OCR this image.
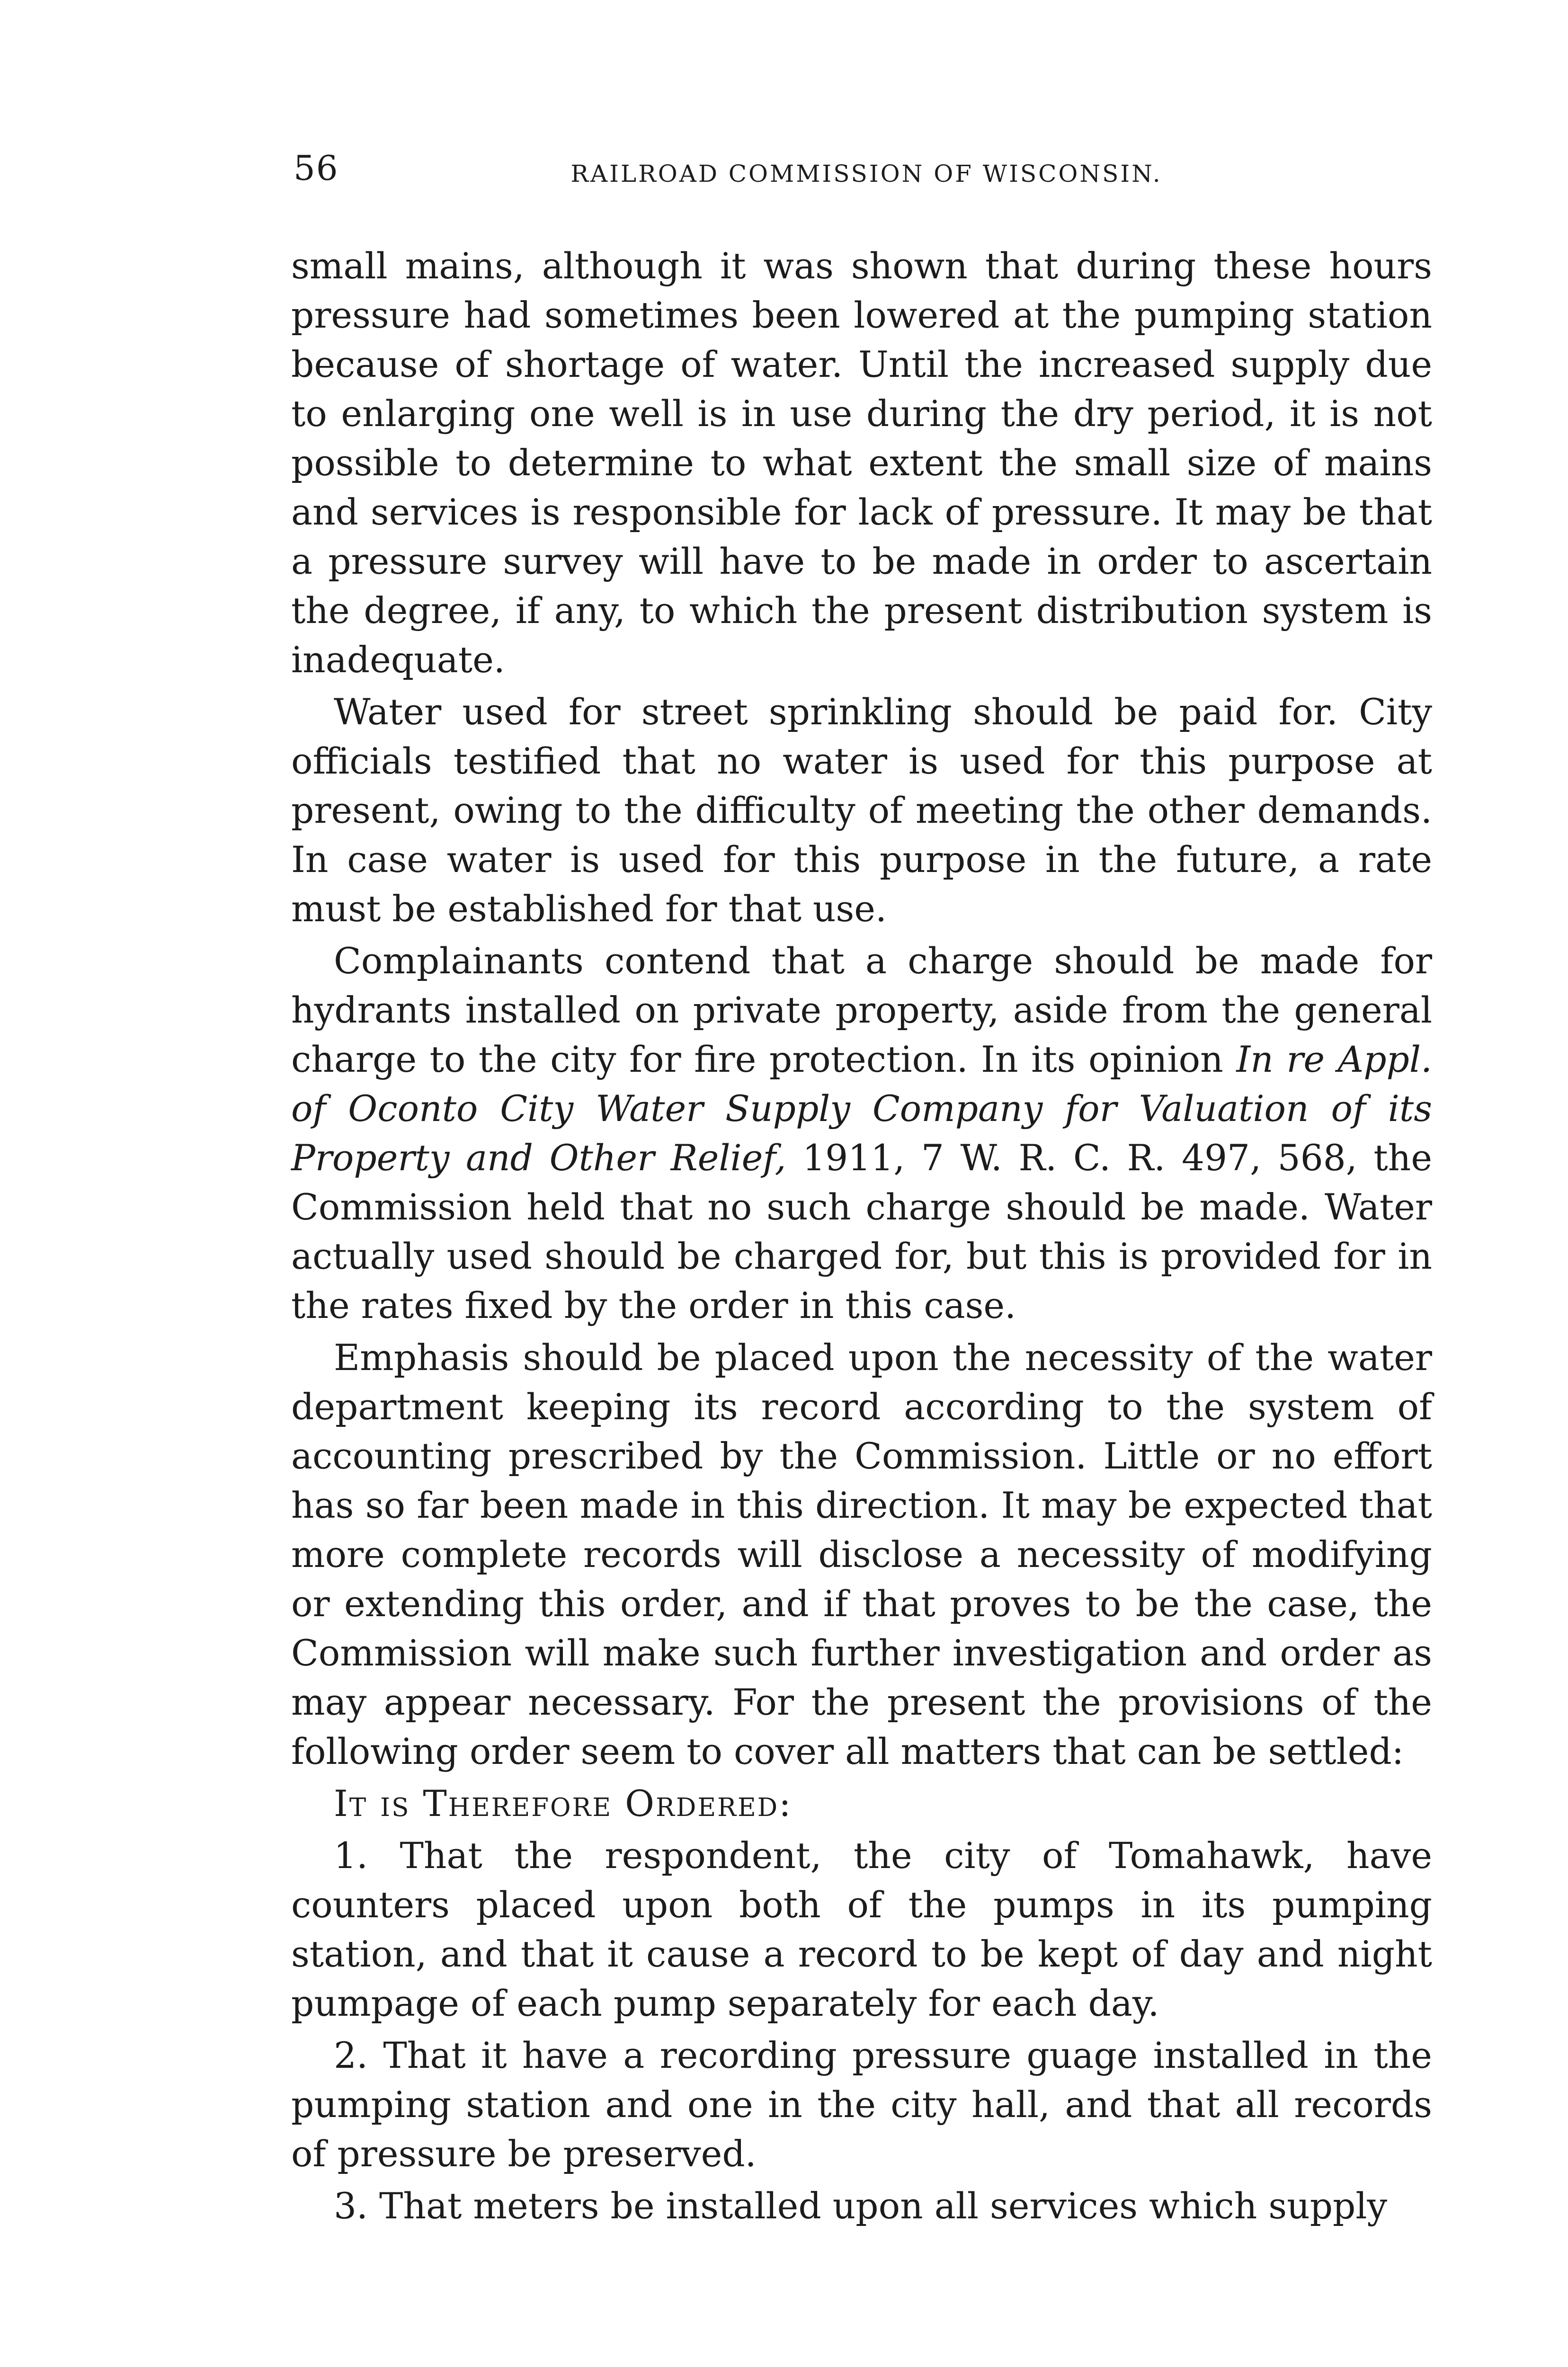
56	RAILROAD COMMISSION OF WISCONSIN.

small mains, although it was shown that during these hours pressure had sometimes been lowered at the pumping station because of shortage of water. Until the increased supply due to enlarging one well is in use during the dry period, it is not possible to determine to what extent the small size of mains and services is responsible for lack of pressure. It may be that a pressure survey will have to be made in order to ascertain the degree, if any, to which the present distribution system is inadequate.

Water used for street sprinkling should be paid for. City officials testified that no water is used for this purpose at present, owing to the difficulty of meeting the other demands. In case water is used for this purpose in the future, a rate must be established for that use.

Complainants contend that a charge should be made for hydrants installed on private property, aside from the general charge to the city for fire protection. In its opinion In re Appl. of Oconto City Water Supply Company for Valuation of its Property and Other Relief, 1911, 7 W. R. C. R. 497, 568, the Commission held that no such charge should be made. Water actually used should be charged for, but this is provided for in the rates fixed by the order in this case.

Emphasis should be placed upon the necessity of the water department keeping its record according to the system of accounting prescribed by the Commission. Little or no effort has so far been made in this direction. It may be expected that more complete records will disclose a necessity of modifying or extending this order, and if that proves to be the case, the Commission will make such further investigation and order as may appear necessary. For the present the provisions of the following order seem to cover all matters that can be settled:

It is Therefore Ordered:

1. That the respondent, the city of Tomahawk, have counters placed upon both of the pumps in its pumping station, and that it cause a record to be kept of day and night pumpage of each pump separately for each day.

2. That it have a recording pressure guage installed in the pumping station and one in the city hall, and that all records of pressure be preserved.

3. That meters be installed upon all services which supply
